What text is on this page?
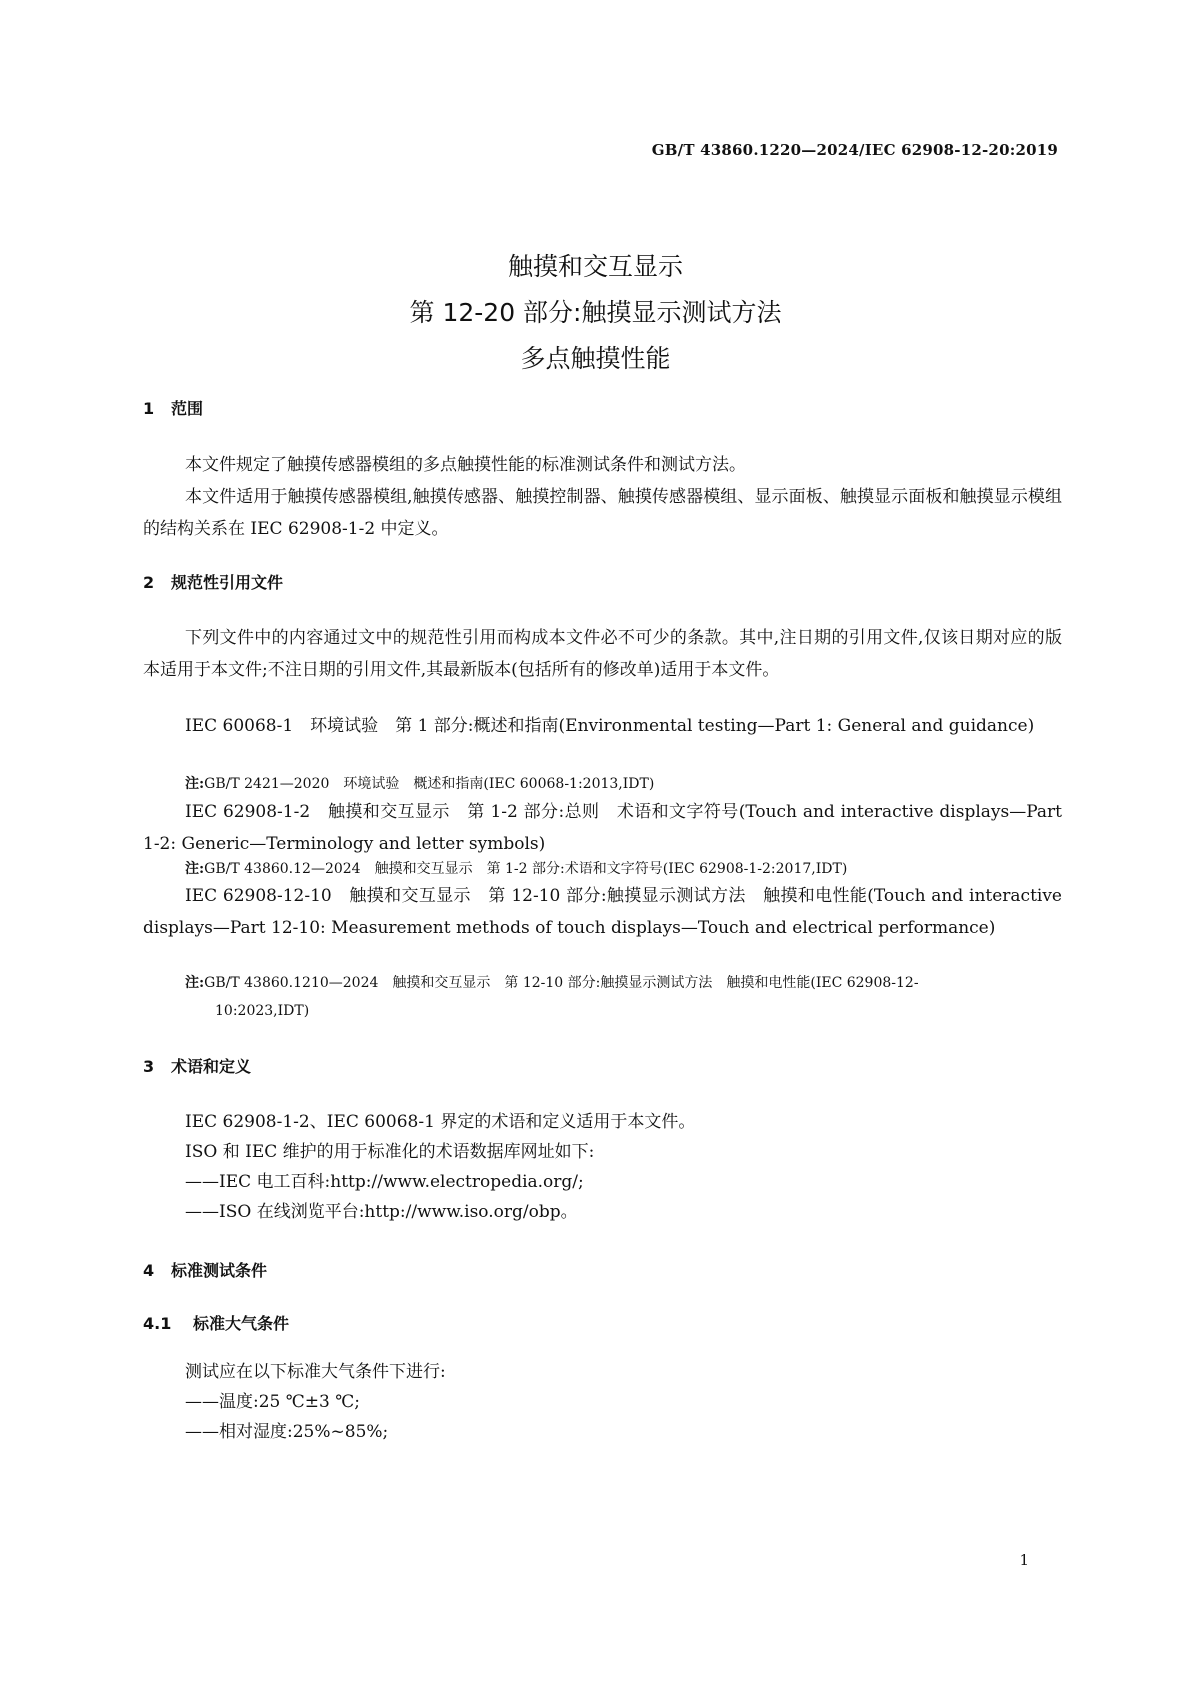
GB/T 43860.1220—2024/IEC 62908-12-20:2019
触摸和交互显示
第 12-20 部分:触摸显示测试方法
多点触摸性能
1 范围
本文件规定了触摸传感器模组的多点触摸性能的标准测试条件和测试方法。
本文件适用于触摸传感器模组,触摸传感器、触摸控制器、触摸传感器模组、显示面板、触摸显示面板和触摸显示模组的结构关系在 IEC 62908-1-2 中定义。
2 规范性引用文件
下列文件中的内容通过文中的规范性引用而构成本文件必不可少的条款。其中,注日期的引用文件,仅该日期对应的版本适用于本文件;不注日期的引用文件,其最新版本(包括所有的修改单)适用于本文件。
IEC 60068-1　环境试验　第 1 部分:概述和指南(Environmental testing—Part 1: General and guidance)
注:GB/T 2421—2020　环境试验　概述和指南(IEC 60068-1:2013,IDT)
IEC 62908-1-2　触摸和交互显示　第 1-2 部分:总则　术语和文字符号(Touch and interactive displays—Part 1-2: Generic—Terminology and letter symbols)
注:GB/T 43860.12—2024　触摸和交互显示　第 1-2 部分:术语和文字符号(IEC 62908-1-2:2017,IDT)
IEC 62908-12-10　触摸和交互显示　第 12-10 部分:触摸显示测试方法　触摸和电性能(Touch and interactive displays—Part 12-10: Measurement methods of touch displays—Touch and electrical performance)
注:GB/T 43860.1210—2024　触摸和交互显示　第 12-10 部分:触摸显示测试方法　触摸和电性能(IEC 62908-12-
10:2023,IDT)
3 术语和定义
IEC 62908-1-2、IEC 60068-1 界定的术语和定义适用于本文件。
ISO 和 IEC 维护的用于标准化的术语数据库网址如下:
——IEC 电工百科:http://www.electropedia.org/;
——ISO 在线浏览平台:http://www.iso.org/obp。
4 标准测试条件
4.1 标准大气条件
测试应在以下标准大气条件下进行:
——温度:25 ℃±3 ℃;
——相对湿度:25%~85%;
1
